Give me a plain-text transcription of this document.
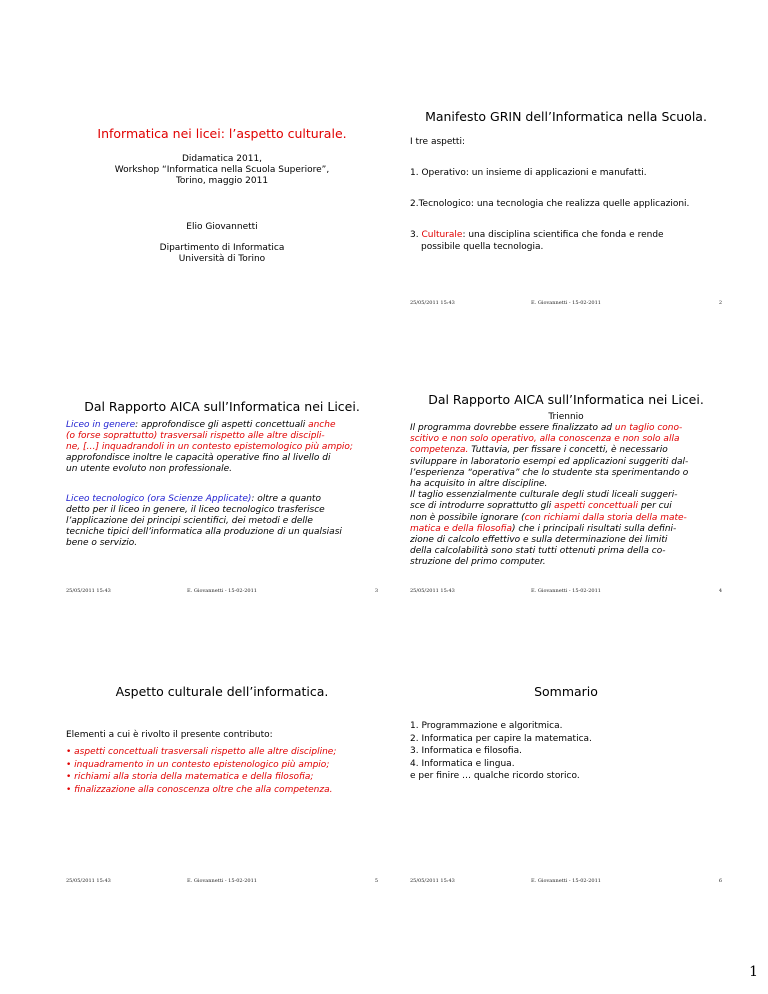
Informatica nei licei: l’aspetto culturale.
Didamatica 2011,
Workshop “Informatica nella Scuola Superiore”,
Torino, maggio 2011
Elio Giovannetti
Dipartimento di Informatica
Università di Torino
Manifesto GRIN dell’Informatica nella Scuola.
I tre aspetti:
1. Operativo: un insieme di applicazioni e manufatti.
2.Tecnologico: una tecnologia che realizza quelle applicazioni.
3. Culturale: una disciplina scientifica che fonda e rende
possibile quella tecnologia.
25/05/2011 15:43	E. Giovannetti - 15-02-2011	2
Dal Rapporto AICA sull’Informatica nei Licei.
Liceo in genere: approfondisce gli aspetti concettuali anche
(o forse soprattutto) trasversali rispetto alle altre discipli-
ne, […] inquadrandoli in un contesto epistemologico più ampio;
approfondisce inoltre le capacità operative fino al livello di
un utente evoluto non professionale.
Liceo tecnologico (ora Scienze Applicate): oltre a quanto
detto per il liceo in genere, il liceo tecnologico trasferisce
l’applicazione dei principi scientifici, dei metodi e delle
tecniche tipici dell’informatica alla produzione di un qualsiasi
bene o servizio.
25/05/2011 15:43	E. Giovannetti - 15-02-2011	3
Dal Rapporto AICA sull’Informatica nei Licei.
Triennio
Il programma dovrebbe essere finalizzato ad un taglio cono-
scitivo e non solo operativo, alla conoscenza e non solo alla
competenza. Tuttavia, per fissare i concetti, è necessario
sviluppare in laboratorio esempi ed applicazioni suggeriti dal-
l’esperienza “operativa” che lo studente sta sperimentando o
ha acquisito in altre discipline.
Il taglio essenzialmente culturale degli studi liceali suggeri-
sce di introdurre soprattutto gli aspetti concettuali per cui
non è possibile ignorare (con richiami dalla storia della mate-
matica e della filosofia) che i principali risultati sulla defini-
zione di calcolo effettivo e sulla determinazione dei limiti
della calcolabilità sono stati tutti ottenuti prima della co-
struzione del primo computer.
25/05/2011 15:43	E. Giovannetti - 15-02-2011	4
Aspetto culturale dell’informatica.
Elementi a cui è rivolto il presente contributo:
• aspetti concettuali trasversali rispetto alle altre discipline;
• inquadramento in un contesto epistenologico più ampio;
• richiami alla storia della matematica e della filosofia;
• finalizzazione alla conoscenza oltre che alla competenza.
25/05/2011 15:43	E. Giovannetti - 15-02-2011	5
Sommario
1. Programmazione e algoritmica.
2. Informatica per capire la matematica.
3. Informatica e filosofia.
4. Informatica e lingua.
e per finire … qualche ricordo storico.
25/05/2011 15:43	E. Giovannetti - 15-02-2011	6
1
